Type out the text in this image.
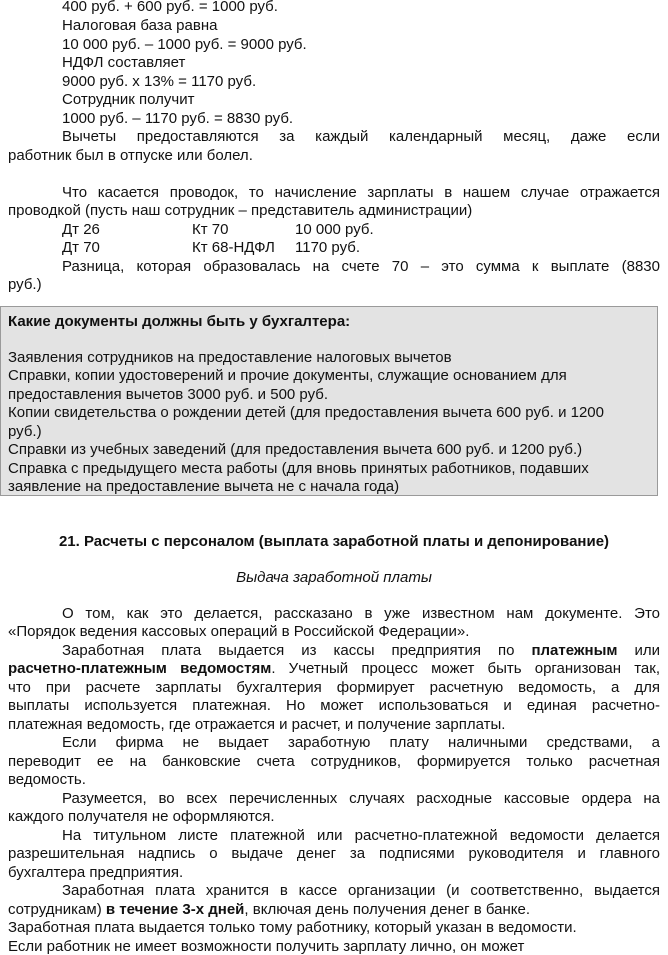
400 руб. + 600 руб. = 1000 руб.
Налоговая база равна
10 000 руб. – 1000 руб. = 9000 руб.
НДФЛ составляет
9000 руб. x 13% = 1170 руб.
Сотрудник получит
1000 руб. – 1170 руб. = 8830 руб.
Вычеты предоставляются за каждый календарный месяц, даже если
работник был в отпуске или болел.
Что касается проводок, то начисление зарплаты в нашем случае отражается
проводкой (пусть наш сотрудник – представитель администрации)
Дт 26	Кт 70	10 000 руб.
Дт 70	Кт 68-НДФЛ 1170 руб.
Разница, которая образовалась на счете 70 – это сумма к выплате (8830
руб.)
Какие документы должны быть у бухгалтера:
Заявления сотрудников на предоставление налоговых вычетов
Справки, копии удостоверений и прочие документы, служащие основанием для
предоставления вычетов 3000 руб. и 500 руб.
Копии свидетельства о рождении детей (для предоставления вычета 600 руб. и 1200
руб.)
Справки из учебных заведений (для предоставления вычета 600 руб. и 1200 руб.)
Справка с предыдущего места работы (для вновь принятых работников, подавших
заявление на предоставление вычета не с начала года)
21. Расчеты с персоналом (выплата заработной платы и депонирование)
Выдача заработной платы
О том, как это делается, рассказано в уже известном нам документе. Это
«Порядок ведения кассовых операций в Российской Федерации».
Заработная плата выдается из кассы предприятия по платежным или
расчетно-платежным ведомостям. Учетный процесс может быть организован так,
что при расчете зарплаты бухгалтерия формирует расчетную ведомость, а для
выплаты используется платежная. Но может использоваться и единая расчетно-
платежная ведомость, где отражается и расчет, и получение зарплаты.
Если фирма не выдает заработную плату наличными средствами, а
переводит ее на банковские счета сотрудников, формируется только расчетная
ведомость.
Разумеется, во всех перечисленных случаях расходные кассовые ордера на
каждого получателя не оформляются.
На титульном листе платежной или расчетно-платежной ведомости делается
разрешительная надпись о выдаче денег за подписями руководителя и главного
бухгалтера предприятия.
Заработная плата хранится в кассе организации (и соответственно, выдается
сотрудникам) в течение 3-х дней, включая день получения денег в банке.
Заработная плата выдается только тому работнику, который указан в ведомости.
Если работник не имеет возможности получить зарплату лично, он может
